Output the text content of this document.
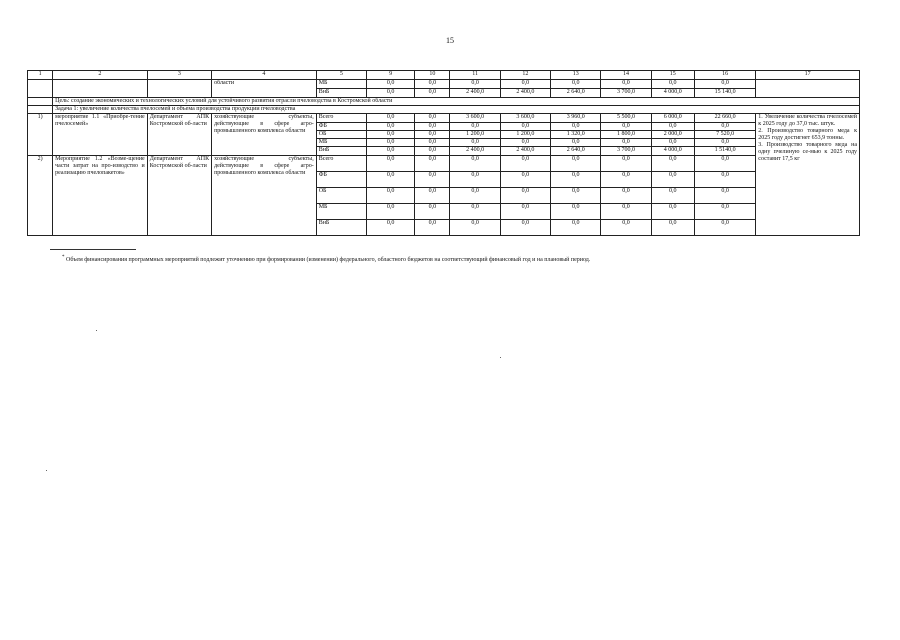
15
1	2	3	4	5	9	10	11	12	13	14	15	16	17
			области	МБ	0,0	0,0	0,0	0,0	0,0	0,0	0,0	0,0	
				ВнБ	0,0	0,0	2 400,0	2 400,0	2 640,0	3 700,0	4 000,0	15 140,0	
	Цель: создание экономических и технологических условий для устойчивого развития отрасли пчеловодства в Костромской области												
	Задача 1: увеличение количества пчелосемей и объема производства продукции пчеловодства												
1)	мероприятие 1.1 «Приобре-тение пчелосемей»	Департамент АПК Костромской об-ласти	хозяйствующие субъекты, действующие в сфере агро-промышленного комплекса области	Всего	0,0	0,0	3 600,0	3 600,0	3 960,0	5 500,0	6 000,0	22 660,0	1. Увеличение количества пчелосемей к 2025 году до 37,0 тыс. штук.
2. Производство товарного меда к 2025 году достигнет 653,9 тонны.
3. Производство товарного меда на одну пчелиную се-мью к 2025 году составит 17,5 кг

				ФБ	0,0	0,0	0,0	0,0	0,0	0,0	0,0	0,0	
				ОБ	0,0	0,0	1 200,0	1 200,0	1 320,0	1 800,0	2 000,0	7 520,0	
				МБ	0,0	0,0	0,0	0,0	0,0	0,0	0,0	0,0	
				ВнБ	0,0	0,0	2 400,0	2 400,0	2 640,0	3 700,0	4 000,0	1 5140,0	
2)	Мероприятие 1.2 «Возме-щение части затрат на про-изводство и реализацию пчелопакетов»	Департамент АПК Костромской об-ласти	хозяйствующие субъекты, действующие в сфере агро-промышленного комплекса области	Всего	0,0	0,0	0,0	0,0	0,0	0,0	0,0	0,0	
				ФБ	0,0	0,0	0,0	0,0	0,0	0,0	0,0	0,0	
				ОБ	0,0	0,0	0,0	0,0	0,0	0,0	0,0	0,0	
				МБ	0,0	0,0	0,0	0,0	0,0	0,0	0,0	0,0	
				ВнБ	0,0	0,0	0,0	0,0	0,0	0,0	0,0	0,0	
* Объем финансирования программных мероприятий подлежит уточнению при формировании (изменении) федерального, областного бюджетов на соответствующий финансовый год и на плановый период.
